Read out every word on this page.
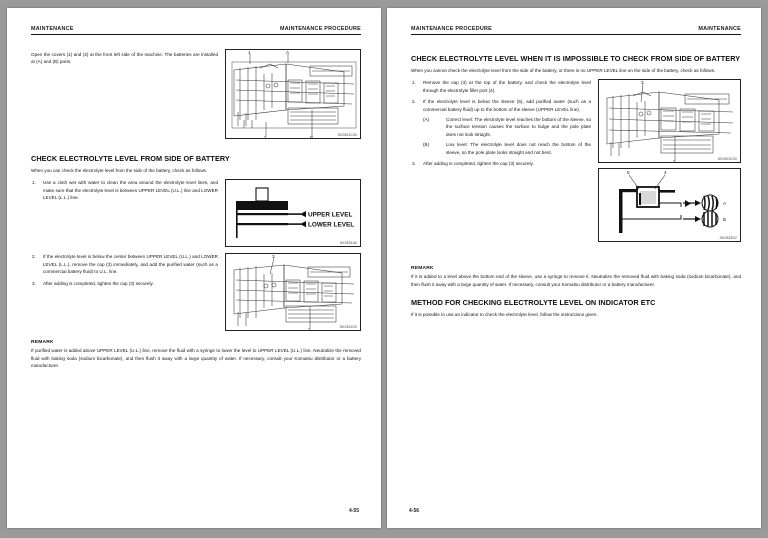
MAINTENANCE	MAINTENANCE PROCEDURE
Open the covers (1) and (2) at the front left side of the machine. The batteries are installed at (A) and (B) parts.
1	A
2	B
GK0521C00
CHECK ELECTROLYTE LEVEL FROM SIDE OF BATTERY
When you can check the electrolyte level from the side of the battery, check as follows.
1.	Use a cloth wet with water to clean the area around the electrolyte level lines, and make sure that the electrolyte level is between UPPER LEVEL (U.L.) line and LOWER LEVEL (L.L.) line.
UPPER LEVEL
LOWER LEVEL
GK0531A6
2.	If the electrolyte level is below the center between UPPER LEVEL (U.L.) and LOWER LEVEL (L.L.), remove the cap (3) immediately, and add the purified water (such as a commercial battery fluid) to U.L. line.
3.	After adding is completed, tighten the cap (3) securely.
3
3
GK0521D0
REMARK
If purified water is added above UPPER LEVEL (U.L.) line, remove the fluid with a syringe to lower the level to UPPER LEVEL (U.L.) line. Neutralize the removed fluid with baking soda (sodium bicarbonate), and then flush it away with a large quantity of water. If necessary, consult your Komatsu distributor or a battery manufacturer.
4-55
MAINTENANCE PROCEDURE	MAINTENANCE
CHECK ELECTROLYTE LEVEL WHEN IT IS IMPOSSIBLE TO CHECK FROM SIDE OF BATTERY
When you cannot check the electrolyte level from the side of the battery, or there is no UPPER LEVEL line on the side of the battery, check as follows.
1.	Remove the cap (3) at the top of the battery, and check the electrolyte level through the electrolyte filler port (4).
2.	If the electrolyte level is below the sleeve (5), add purified water (such as a commercial battery fluid) up to the bottom of the sleeve (UPPER LEVEL line).
(A)	Correct level: The electrolyte level reaches the bottom of the sleeve, so the surface tension causes the surface to bulge and the pole plate does not look straight.
(B)	Low level: The electrolyte level does not reach the bottom of the sleeve, so the pole plate looks straight and not bent.
3.	After adding is completed, tighten the cap (3) securely.
3
3
GK0523C00
5	4
A
B
GK0523D2
REMARK
If it is added to a level above the bottom end of the sleeve, use a syringe to remove it. Neutralize the removed fluid with baking soda (sodium bicarbonate), and then flush it away with a large quantity of water. If necessary, consult your Komatsu distributor or a battery manufacturer.
METHOD FOR CHECKING ELECTROLYTE LEVEL ON INDICATOR ETC
If it is possible to use an indicator to check the electrolyte level, follow the instructions given.
4-56
